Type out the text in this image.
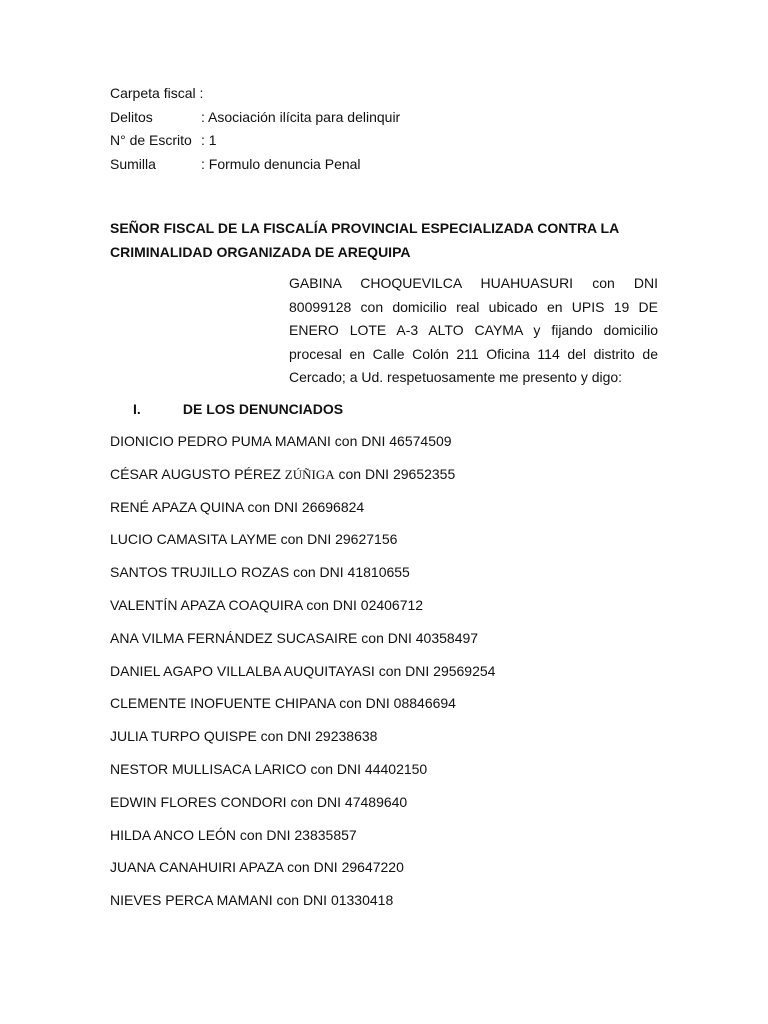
Carpeta fiscal :
Delitos	: Asociación ilícita para delinquir
N° de Escrito : 1
Sumilla	: Formulo denuncia Penal
SEÑOR FISCAL DE LA FISCALÍA PROVINCIAL ESPECIALIZADA CONTRA LA CRIMINALIDAD ORGANIZADA DE AREQUIPA
GABINA CHOQUEVILCA HUAHUASURI con DNI 80099128 con domicilio real ubicado en UPIS 19 DE ENERO LOTE A-3 ALTO CAYMA y fijando domicilio procesal en Calle Colón 211 Oficina 114 del distrito de Cercado; a Ud. respetuosamente me presento y digo:
I.	DE LOS DENUNCIADOS
DIONICIO PEDRO PUMA MAMANI con DNI 46574509
CÉSAR AUGUSTO PÉREZ ZÚÑIGA con DNI 29652355
RENÉ APAZA QUINA con DNI 26696824
LUCIO CAMASITA LAYME con DNI 29627156
SANTOS TRUJILLO ROZAS con DNI 41810655
VALENTÍN APAZA COAQUIRA con DNI 02406712
ANA VILMA FERNÁNDEZ SUCASAIRE con DNI 40358497
DANIEL AGAPO VILLALBA AUQUITAYASI con DNI 29569254
CLEMENTE INOFUENTE CHIPANA con DNI 08846694
JULIA TURPO QUISPE con DNI 29238638
NESTOR MULLISACA LARICO con DNI 44402150
EDWIN FLORES CONDORI con DNI 47489640
HILDA ANCO LEÓN con DNI 23835857
JUANA CANAHUIRI APAZA con DNI 29647220
NIEVES PERCA MAMANI con DNI 01330418
